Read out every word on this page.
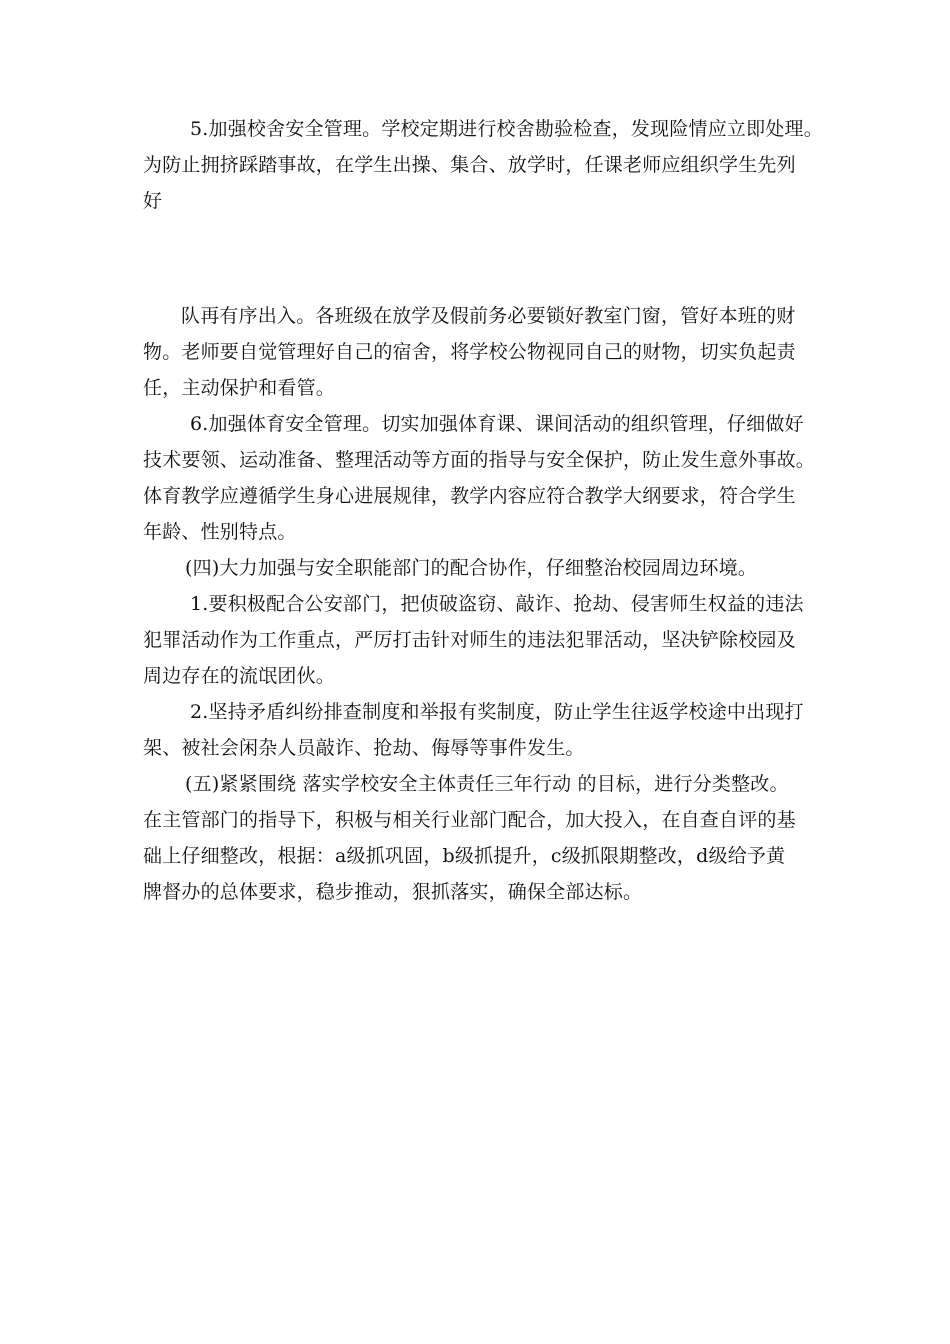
5.加强校舍安全管理。学校定期进行校舍勘验检查，发现险情应立即处理。
为防止拥挤踩踏事故，在学生出操、集合、放学时，任课老师应组织学生先列
好
队再有序出入。各班级在放学及假前务必要锁好教室门窗，管好本班的财
物。老师要自觉管理好自己的宿舍，将学校公物视同自己的财物，切实负起责
任，主动保护和看管。
6.加强体育安全管理。切实加强体育课、课间活动的组织管理，仔细做好
技术要领、运动准备、整理活动等方面的指导与安全保护，防止发生意外事故。
体育教学应遵循学生身心进展规律，教学内容应符合教学大纲要求，符合学生
年龄、性别特点。
(四)大力加强与安全职能部门的配合协作，仔细整治校园周边环境。
1.要积极配合公安部门，把侦破盗窃、敲诈、抢劫、侵害师生权益的违法
犯罪活动作为工作重点，严厉打击针对师生的违法犯罪活动，坚决铲除校园及
周边存在的流氓团伙。
2.坚持矛盾纠纷排查制度和举报有奖制度，防止学生往返学校途中出现打
架、被社会闲杂人员敲诈、抢劫、侮辱等事件发生。
(五)紧紧围绕 落实学校安全主体责任三年行动 的目标，进行分类整改。
在主管部门的指导下，积极与相关行业部门配合，加大投入，在自查自评的基
础上仔细整改，根据：a级抓巩固，b级抓提升，c级抓限期整改，d级给予黄
牌督办的总体要求，稳步推动，狠抓落实，确保全部达标。
